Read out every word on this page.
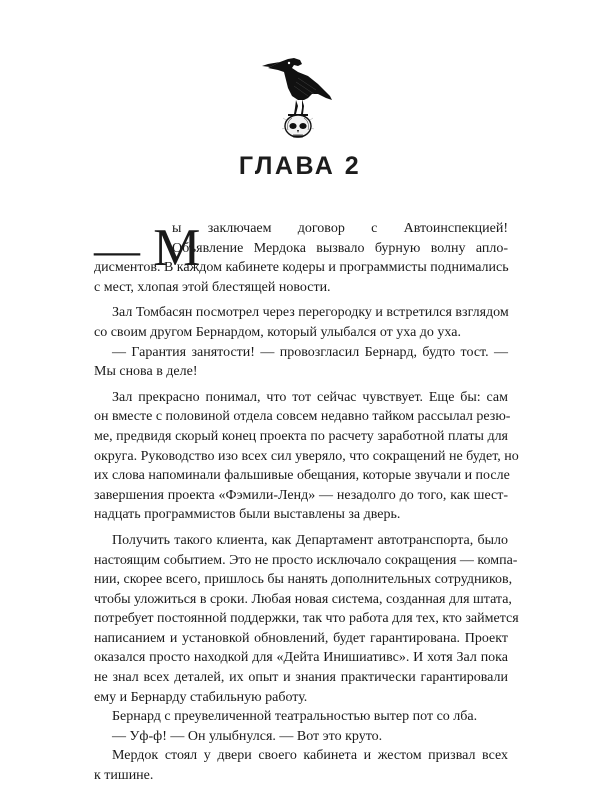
ГЛАВА 2
— М
ы заключаем договор с Автоинспекцией!
Объявление Мердока вызвало бурную волну апло-
дисментов. В каждом кабинете кодеры и программисты поднимались
с мест, хлопая этой блестящей новости.
Зал Томбасян посмотрел через перегородку и встретился взглядом
со своим другом Бернардом, который улыбался от уха до уха.
— Гарантия занятости! — провозгласил Бернард, будто тост. —
Мы снова в деле!
Зал прекрасно понимал, что тот сейчас чувствует. Еще бы: сам
он вместе с половиной отдела совсем недавно тайком рассылал резю-
ме, предвидя скорый конец проекта по расчету заработной платы для
округа. Руководство изо всех сил уверяло, что сокращений не будет, но
их слова напоминали фальшивые обещания, которые звучали и после
завершения проекта «Фэмили-Ленд» — незадолго до того, как шест-
надцать программистов были выставлены за дверь.
Получить такого клиента, как Департамент автотранспорта, было
настоящим событием. Это не просто исключало сокращения — компа-
нии, скорее всего, пришлось бы нанять дополнительных сотрудников,
чтобы уложиться в сроки. Любая новая система, созданная для штата,
потребует постоянной поддержки, так что работа для тех, кто займется
написанием и установкой обновлений, будет гарантирована. Проект
оказался просто находкой для «Дейта Инишиативс». И хотя Зал пока
не знал всех деталей, их опыт и знания практически гарантировали
ему и Бернарду стабильную работу.
Бернард с преувеличенной театральностью вытер пот со лба.
— Уф-ф! — Он улыбнулся. — Вот это круто.
Мердок стоял у двери своего кабинета и жестом призвал всех
к тишине.
